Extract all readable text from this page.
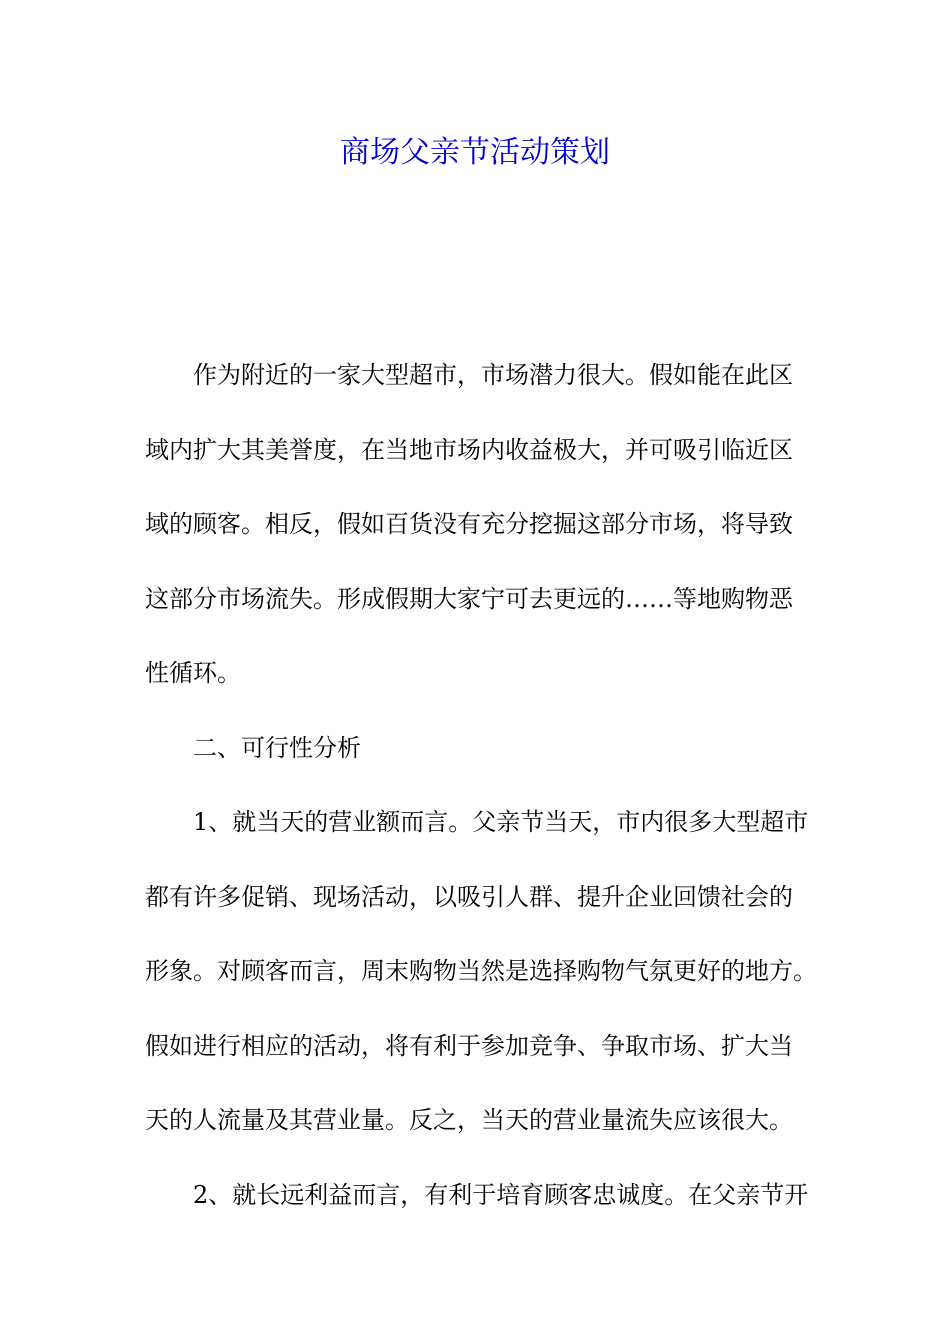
商场父亲节活动策划
作为附近的一家大型超市，市场潜力很大。假如能在此区
域内扩大其美誉度，在当地市场内收益极大，并可吸引临近区
域的顾客。相反，假如百货没有充分挖掘这部分市场，将导致
这部分市场流失。形成假期大家宁可去更远的……等地购物恶
性循环。
二、可行性分析
1、就当天的营业额而言。父亲节当天，市内很多大型超市
都有许多促销、现场活动，以吸引人群、提升企业回馈社会的
形象。对顾客而言，周末购物当然是选择购物气氛更好的地方。
假如进行相应的活动，将有利于参加竞争、争取市场、扩大当
天的人流量及其营业量。反之，当天的营业量流失应该很大。
2、就长远利益而言，有利于培育顾客忠诚度。在父亲节开
